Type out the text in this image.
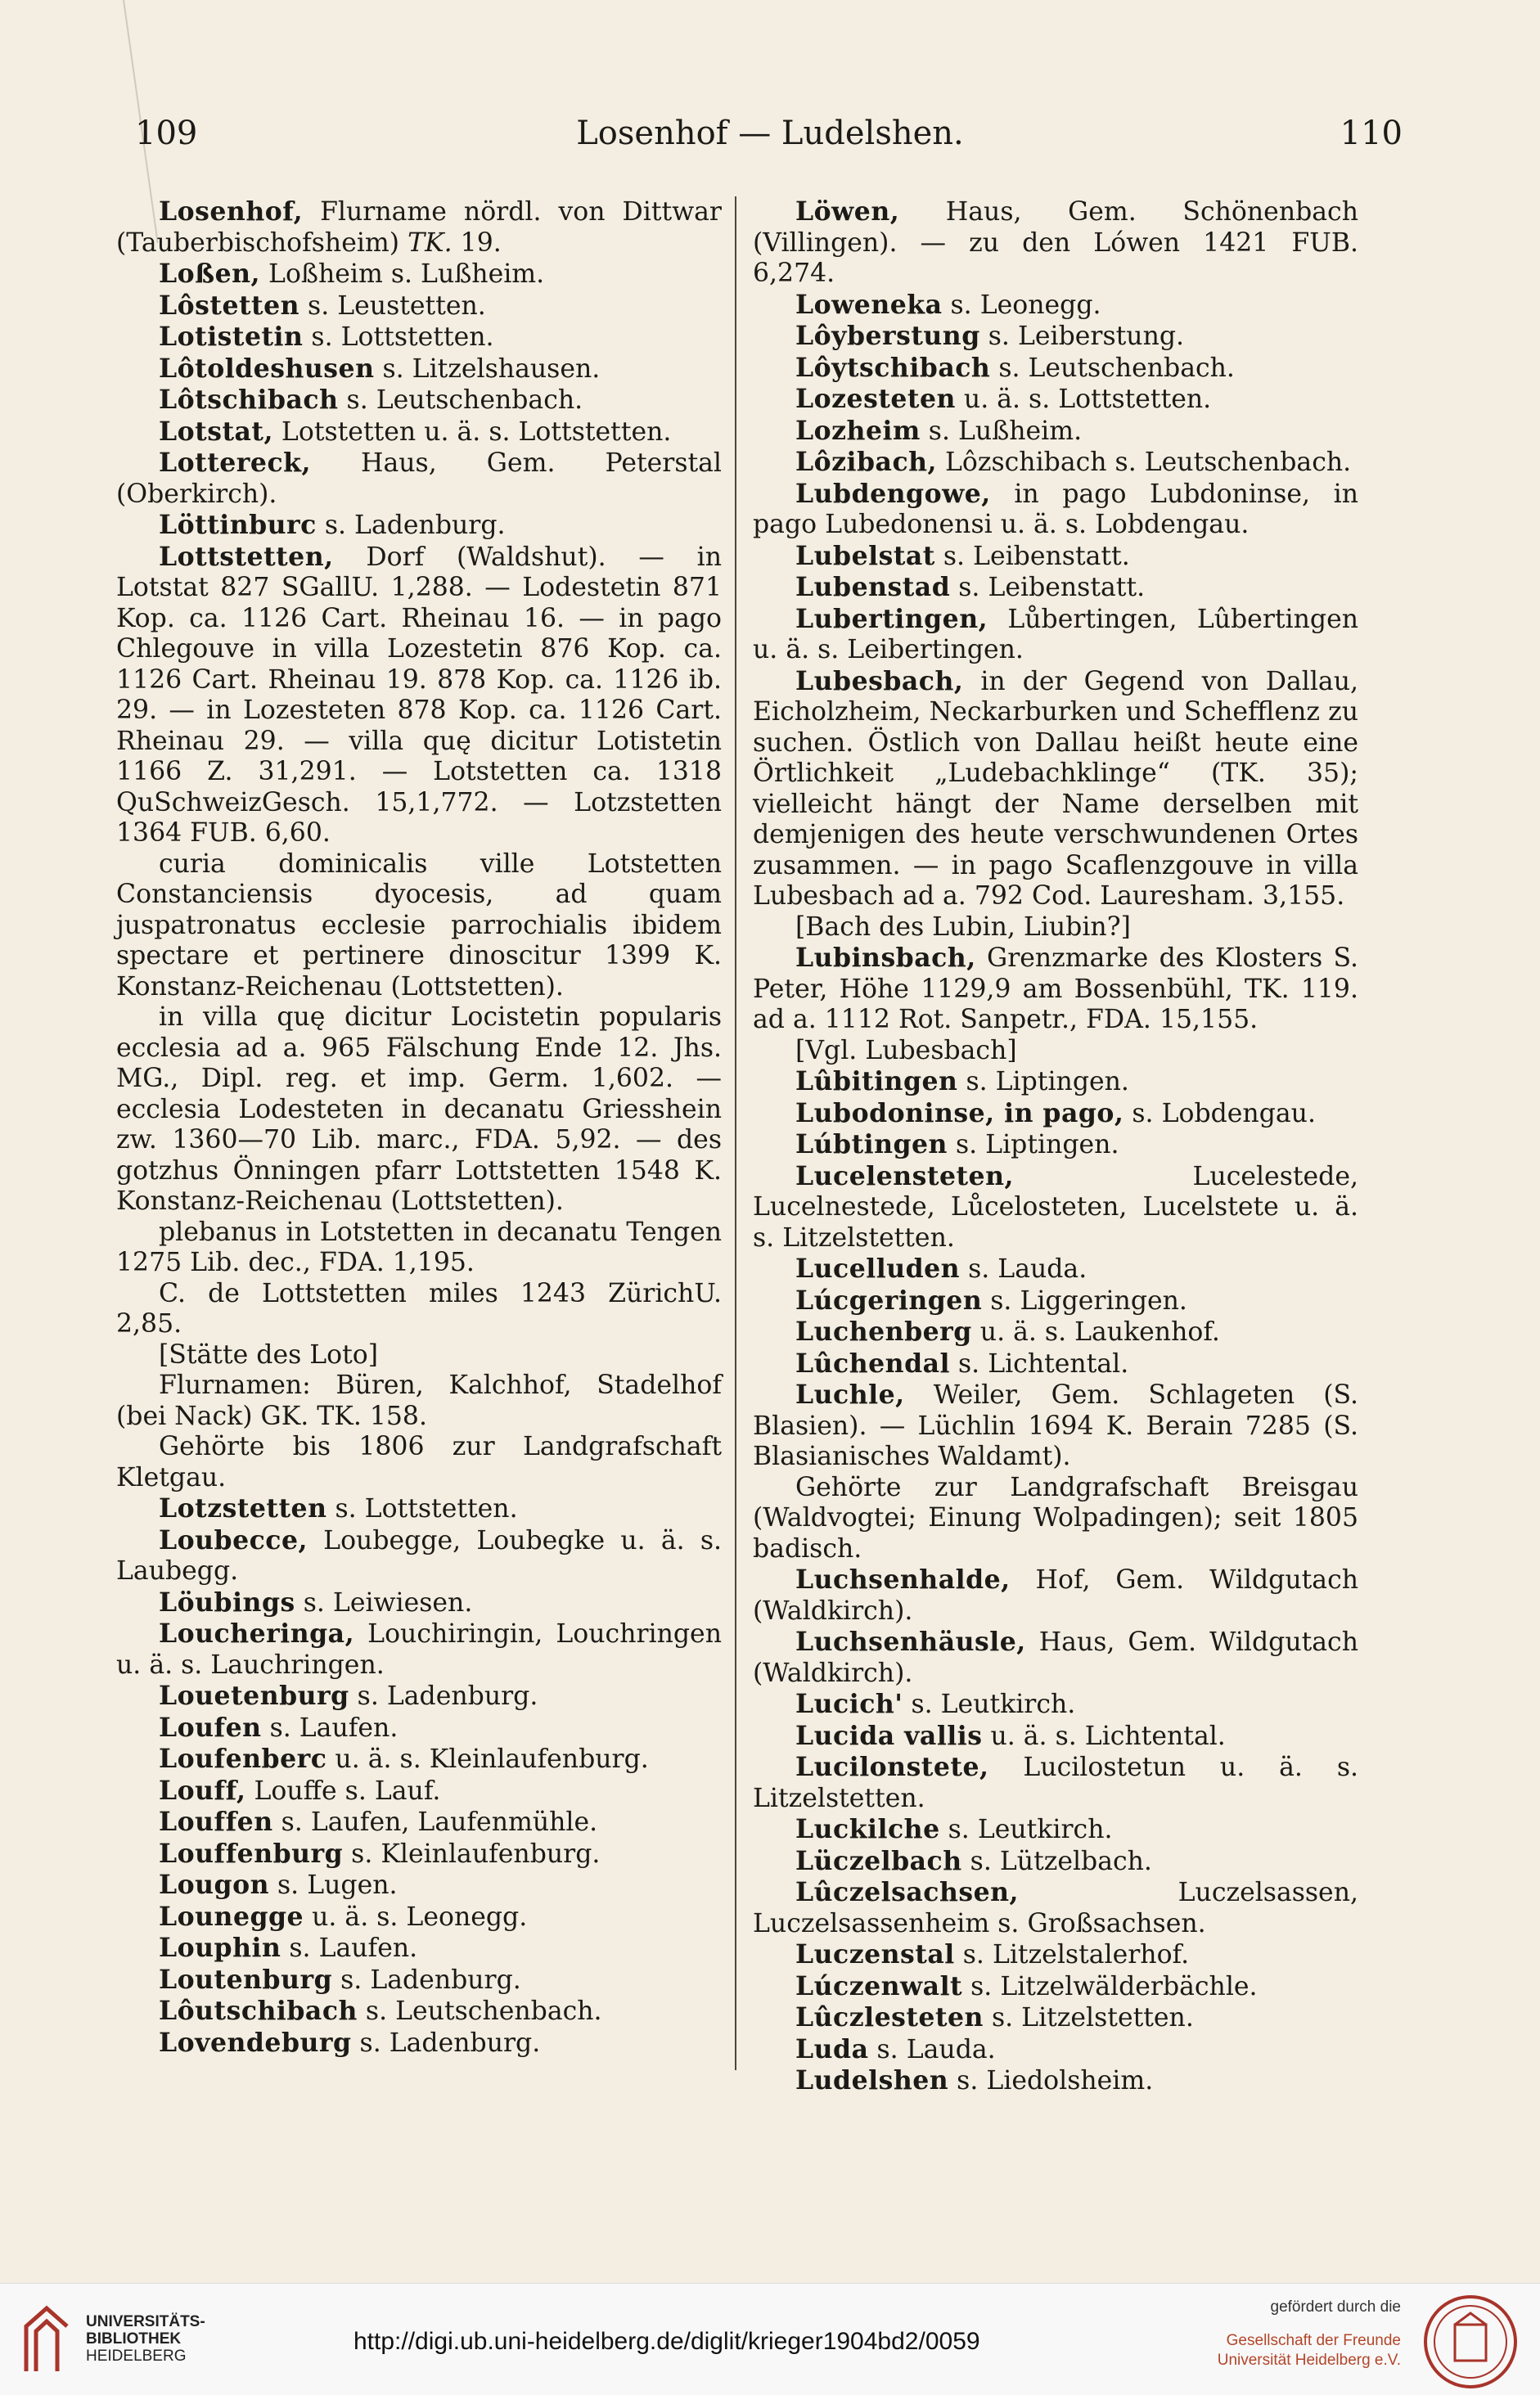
109	Losenhof — Ludelshen.	110

Losenhof, Flurname nördl. von Dittwar (Tauberbischofsheim) TK. 19.

Loßen, Loßheim s. Lußheim.

Lôstetten s. Leustetten.

Lotistetin s. Lottstetten.

Lôtoldeshusen s. Litzelshausen.

Lôtschibach s. Leutschenbach.

Lotstat, Lotstetten u. ä. s. Lottstetten.

Lottereck, Haus, Gem. Peterstal (Oberkirch).

Löttinburc s. Ladenburg.

Lottstetten, Dorf (Waldshut). — in Lotstat 827 SGallU. 1,288. — Lodestetin 871 Kop. ca. 1126 Cart. Rheinau 16. — in pago Chlegouve in villa Lozestetin 876 Kop. ca. 1126 Cart. Rheinau 19. 878 Kop. ca. 1126 ib. 29. — in Lozesteten 878 Kop. ca. 1126 Cart. Rheinau 29. — villa quę dicitur Lotistetin 1166 Z. 31,291. — Lotstetten ca. 1318 QuSchweizGesch. 15,1,772. — Lotzstetten 1364 FUB. 6,60.

curia dominicalis ville Lotstetten Constanciensis dyocesis, ad quam juspatronatus ecclesie parrochialis ibidem spectare et pertinere dinoscitur 1399 K. Konstanz-Reichenau (Lottstetten).

in villa quę dicitur Locistetin popularis ecclesia ad a. 965 Fälschung Ende 12. Jhs. MG., Dipl. reg. et imp. Germ. 1,602. — ecclesia Lodesteten in decanatu Griesshein zw. 1360—70 Lib. marc., FDA. 5,92. — des gotzhus Önningen pfarr Lottstetten 1548 K. Konstanz-Reichenau (Lottstetten).

plebanus in Lotstetten in decanatu Tengen 1275 Lib. dec., FDA. 1,195.

C. de Lottstetten miles 1243 ZürichU. 2,85.

[Stätte des Loto]

Flurnamen: Büren, Kalchhof, Stadelhof (bei Nack) GK. TK. 158.

Gehörte bis 1806 zur Landgrafschaft Kletgau.

Lotzstetten s. Lottstetten.

Loubecce, Loubegge, Loubegke u. ä. s. Laubegg.

Löubings s. Leiwiesen.

Loucheringa, Louchiringin, Louchringen u. ä. s. Lauchringen.

Louetenburg s. Ladenburg.

Loufen s. Laufen.

Loufenberc u. ä. s. Kleinlaufenburg.

Louff, Louffe s. Lauf.

Louffen s. Laufen, Laufenmühle.

Louffenburg s. Kleinlaufenburg.

Lougon s. Lugen.

Lounegge u. ä. s. Leonegg.

Louphin s. Laufen.

Loutenburg s. Ladenburg.

Lôutschibach s. Leutschenbach.

Lovendeburg s. Ladenburg.

Löwen, Haus, Gem. Schönenbach (Villingen). — zu den Lówen 1421 FUB. 6,274.

Loweneka s. Leonegg.

Lôyberstung s. Leiberstung.

Lôytschibach s. Leutschenbach.

Lozesteten u. ä. s. Lottstetten.

Lozheim s. Lußheim.

Lôzibach, Lôzschibach s. Leutschenbach.

Lubdengowe, in pago Lubdoninse, in pago Lubedonensi u. ä. s. Lobdengau.

Lubelstat s. Leibenstatt.

Lubenstad s. Leibenstatt.

Lubertingen, Lůbertingen, Lûbertingen u. ä. s. Leibertingen.

Lubesbach, in der Gegend von Dallau, Eicholzheim, Neckarburken und Schefflenz zu suchen. Östlich von Dallau heißt heute eine Örtlichkeit „Ludebachklinge“ (TK. 35); vielleicht hängt der Name derselben mit demjenigen des heute verschwundenen Ortes zusammen. — in pago Scaflenzgouve in villa Lubesbach ad a. 792 Cod. Lauresham. 3,155.

[Bach des Lubin, Liubin?]

Lubinsbach, Grenzmarke des Klosters S. Peter, Höhe 1129,9 am Bossenbühl, TK. 119. ad a. 1112 Rot. Sanpetr., FDA. 15,155.

[Vgl. Lubesbach]

Lûbitingen s. Liptingen.

Lubodoninse, in pago, s. Lobdengau.

Lúbtingen s. Liptingen.

Lucelensteten, Lucelestede, Lucelnestede, Lůcelosteten, Lucelstete u. ä. s. Litzelstetten.

Lucelluden s. Lauda.

Lúcgeringen s. Liggeringen.

Luchenberg u. ä. s. Laukenhof.

Lûchendal s. Lichtental.

Luchle, Weiler, Gem. Schlageten (S. Blasien). — Lüchlin 1694 K. Berain 7285 (S. Blasianisches Waldamt).

Gehörte zur Landgrafschaft Breisgau (Waldvogtei; Einung Wolpadingen); seit 1805 badisch.

Luchsenhalde, Hof, Gem. Wildgutach (Waldkirch).

Luchsenhäusle, Haus, Gem. Wildgutach (Waldkirch).

Lucich' s. Leutkirch.

Lucida vallis u. ä. s. Lichtental.

Lucilonstete, Lucilostetun u. ä. s. Litzelstetten.

Luckilche s. Leutkirch.

Lüczelbach s. Lützelbach.

Lûczelsachsen, Luczelsassen, Luczelsassenheim s. Großsachsen.

Luczenstal s. Litzelstalerhof.

Lúczenwalt s. Litzelwälderbächle.

Lûczlesteten s. Litzelstetten.

Luda s. Lauda.

Ludelshen s. Liedolsheim.

UNIVERSITÄTS-
BIBLIOTHEK
HEIDELBERG
http://digi.ub.uni-heidelberg.de/diglit/krieger1904bd2/0059
gefördert durch die
Gesellschaft der Freunde
Universität Heidelberg e.V.
